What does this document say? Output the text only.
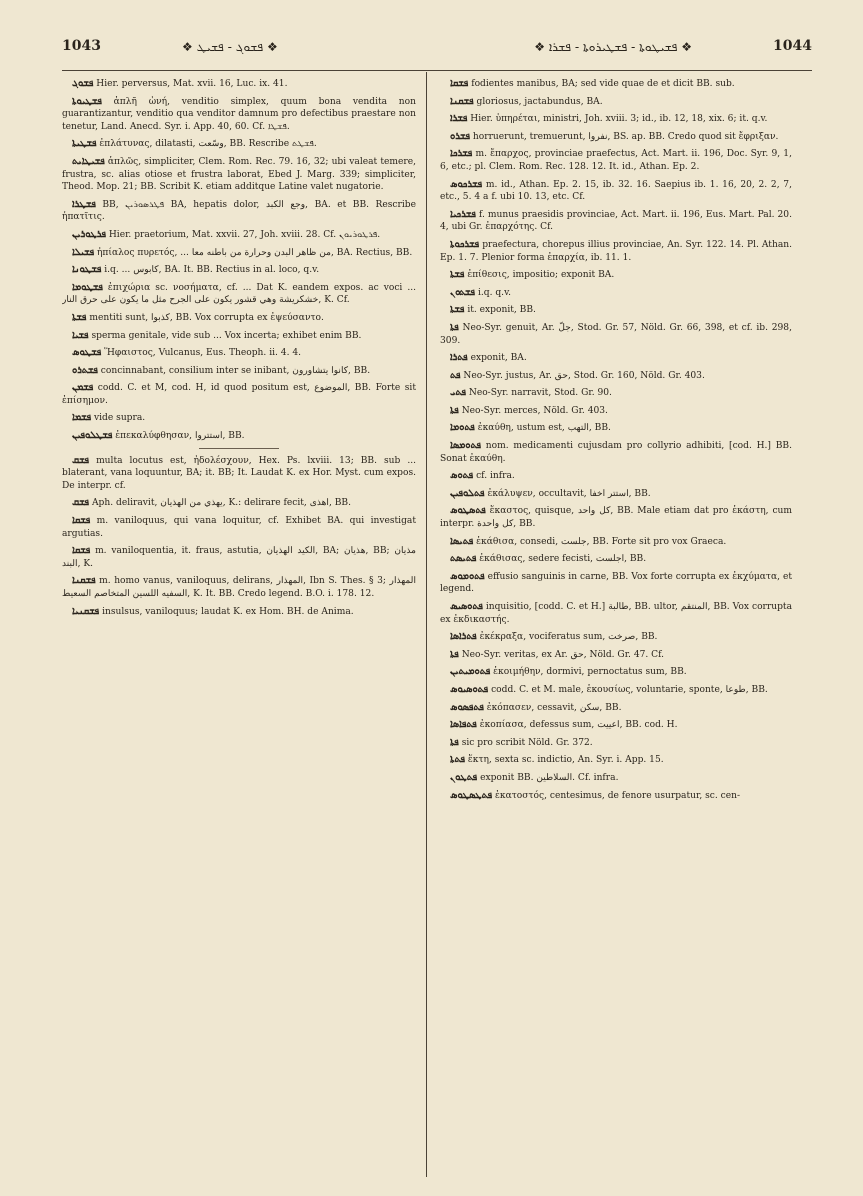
1043	❖ ܦܫܘܓ - ܦܫܝܛ ❖	❖ ܦܫܝܛܘܬܐ - ܦܫܛܝܪܘܬܐ - ܦܫܪܐ ❖	1044

ܦܫܘܓ Hier. perversus, Mat. xvii. 16, Luc. ix. 41.

ܦܫܛܝܘܬܐ ἁπλῆ ὠνή, venditio simplex, quum bona vendita non guarantizantur, venditio qua venditor damnum pro defectibus praestare non tenetur, Land. Anecd. Syr. i. App. 40, 60. Cf. ܦܫܛܐ.

ܦܫܛܝܬܐ ἐπλάτυνας, dilatasti, وسّعت, BB. Rescribe ܦܫܛܬ.

ܦܫܝܛܐܝܬ ἁπλῶς, simpliciter, Clem. Rom. Rec. 79. 16, 32; ubi valeat temere, frustra, sc. alias otiose et frustra laborat, Ebed J. Marg. 339; simpliciter, Theod. Mop. 21; BB. Scribit K. etiam additque Latine valet nugatorie.

ܦܫܛܪܐ BB, ܦܛܪܣܘܪܝܢ BA, hepatis dolor, وجع الكبد, BA. et BB. Rescribe ἡπατῖτις.

ܦܪܛܘܪܝܢ Hier. praetorium, Mat. xxvii. 27, Joh. xviii. 28. Cf. ܦܪܛܘܪܝܘܢ.

ܦܫܝܠܐ ἠπίαλος πυρετός, ... من ظاهر البدن وحرارة من باطنه معا, BA. Rectius, BB.

ܦܫܛܘܢܐ i.q. ... كابوس, BA. It. BB. Rectius in al. loco, q.v.

ܦܫܛܘܡܐ ἐπιχώρια sc. νοσήματα, cf. ... Dat K. eandem expos. ac voci ... خشكريشة وهي قشور يكون على الجرح مثل ما يكون على حرق النار, K. Cf.

ܦܫܬܐ mentiti sunt, كذبوا, BB. Vox corrupta ex ἐψεύσαντο.

ܦܫܝܐ sperma genitale, vide sub ... Vox incerta; exhibet enim BB.

ܦܫܛܘܣ Ἥφαιστος, Vulcanus, Eus. Theoph. ii. 4. 4.

ܦܫܬܪܘ concinnabant, consilium inter se inibant, كانوا يتشاورون, BB.

ܦܫܡܢ codd. C. et M, cod. H, id quod positum est, الموضوع, BB. Forte sit ἐπίσημον.

ܦܫܡܐ vide supra.

ܦܫܛܠܘܦܝܢ ἐπεκαλύφθησαν, استتروا, BB.

ܦܫܩ multa locutus est, ἠδολέσχουν, Hex. Ps. lxviii. 13; BB. sub ... blaterant, vana loquuntur, BA; it. BB; It. Laudat K. ex Hor. Myst. cum expos. De interpr. cf.

ܦܫܩ Aph. deliravit, يهذي من الهذيان, K.: delirare fecit, اهذى, BB.

ܦܫܩܐ m. vaniloquus, qui vana loquitur, cf. Exhibet BA. qui investigat argutias.

ܦܫܩܐ m. vaniloquentia, it. fraus, astutia, الكيد الهذيان, BA; هذيان, BB; مذيان البند, K.

ܦܫܩܢܐ m. homo vanus, vaniloquus, delirans, المهذار, Ibn S. Thes. § 3; المهذار السفيه اللسين المتخاصم السعيط, K. It. BB. Credo legend. B.O. i. 178. 12.

ܦܫܩܢܝܐ insulsus, vaniloquus; laudat K. ex Hom. BH. de Anima.

ܦܫܩܐ fodientes manibus, BA; sed vide quae de et dicit BB. sub.

ܦܫܩܢܐ gloriosus, jactabundus, BA.

ܦܫܪܐ Hier. ὑπηρέται, ministri, Joh. xviii. 3; id., ib. 12, 18, xix. 6; it. q.v.

ܦܫܪܘ horruerunt, tremuerunt, نفروا, BS. ap. BB. Credo quod sit ἔφριξαν.

ܦܫܪܟܐ m. ἔπαρχος, provinciae praefectus, Act. Mart. ii. 196, Doc. Syr. 9, 1, 6, etc.; pl. Clem. Rom. Rec. 128. 12. It. id., Athan. Ep. 2.

ܦܫܪܟܘܣ m. id., Athan. Ep. 2. 15, ib. 32. 16. Saepius ib. 1. 16, 20, 2. 2, 7, etc., 5. 4 a f. ubi 10. 13, etc. Cf.

ܦܫܪܟܝܐ f. munus praesidis provinciae, Act. Mart. ii. 196, Eus. Mart. Pal. 20. 4, ubi Gr. ἐπαρχότης. Cf.

ܦܫܪܟܘܬܐ praefectura, chorepus illius provinciae, An. Syr. 122. 14. Pl. Athan. Ep. 1. 7. Plenior forma ἐπαρχία, ib. 11. 1.

ܦܫܬܐ ἐπίθεσις, impositio; exponit BA.

ܦܫܬܘܢ i.q. q.v.

ܦܫܬܐ it. exponit, BB.

ܦܬܐ Neo-Syr. genuit, Ar. جلّ, Stod. Gr. 57, Nöld. Gr. 66, 398, et cf. ib. 298, 309.

ܦܬܪܐ exponit, BA.

ܦܬ Neo-Syr. justus, Ar. حق, Stod. Gr. 160, Nöld. Gr. 403.

ܦܬܝ Neo-Syr. narravit, Stod. Gr. 90.

ܦܬܐ Neo-Syr. merces, Nöld. Gr. 403.

ܦܬܘܡܐ ἐκαύθη, ustum est, التهب, BB.

ܦܬܘܡܣܐ nom. medicamenti cujusdam pro collyrio adhibiti, [cod. H.] BB. Sonat ἐκαύθη.

ܦܬܘܣ cf. infra.

ܦܬܠܘܦܝܢ ἐκάλυψεν, occultavit, استتر اخفا, BB.

ܦܬܣܛܘܣ ἕκαστος, quisque, كل واحد, BB. Male etiam dat pro ἑκάστη, cum interpr. كل واحدة, BB.

ܦܬܝܣܐ ἐκάθισα, consedi, جلست, BB. Forte sit pro vox Graeca.

ܦܬܝܣܬ ἐκάθισας, sedere fecisti, اجلست, BB.

ܦܬܘܡܘܣ effusio sanguinis in carne, BB. Vox forte corrupta ex ἐκχύματα, et legend.

ܦܬܘܣܝܣ inquisitio, [codd. C. et H.] طالبة, BB. ultor, المنتقم, BB. Vox corrupta ex ἐκδικαστής.

ܦܬܪܐܣܐ ἐκέκραξα, vociferatus sum, صرخت, BB.

ܦܬܐ Neo-Syr. veritas, ex Ar. حق, Nöld. Gr. 47. Cf.

ܦܬܘܡܝܬܝܢ ἐκοιμήθην, dormivi, pernoctatus sum, BB.

ܦܬܘܣܝܘܣ codd. C. et M. male, ἑκουσίως, voluntarie, sponte, طوعا, BB.

ܦܬܦܣܘܣ ἐκόπασεν, cessavit, سكن, BB.

ܦܬܦܐܣܐ ἐκοπίασα, defessus sum, اعييت, BB. cod. H.

ܦܬܐ sic pro scribit Nöld. Gr. 372.

ܦܬܬܐ ἕκτη, sexta sc. indictio, An. Syr. i. App. 15.

ܦܬܛܘܢ exponit BB. السلاطين. Cf. infra.

ܦܬܛܣܛܘܣ ἑκατοστός, centesimus, de fenore usurpatur, sc. cen-
